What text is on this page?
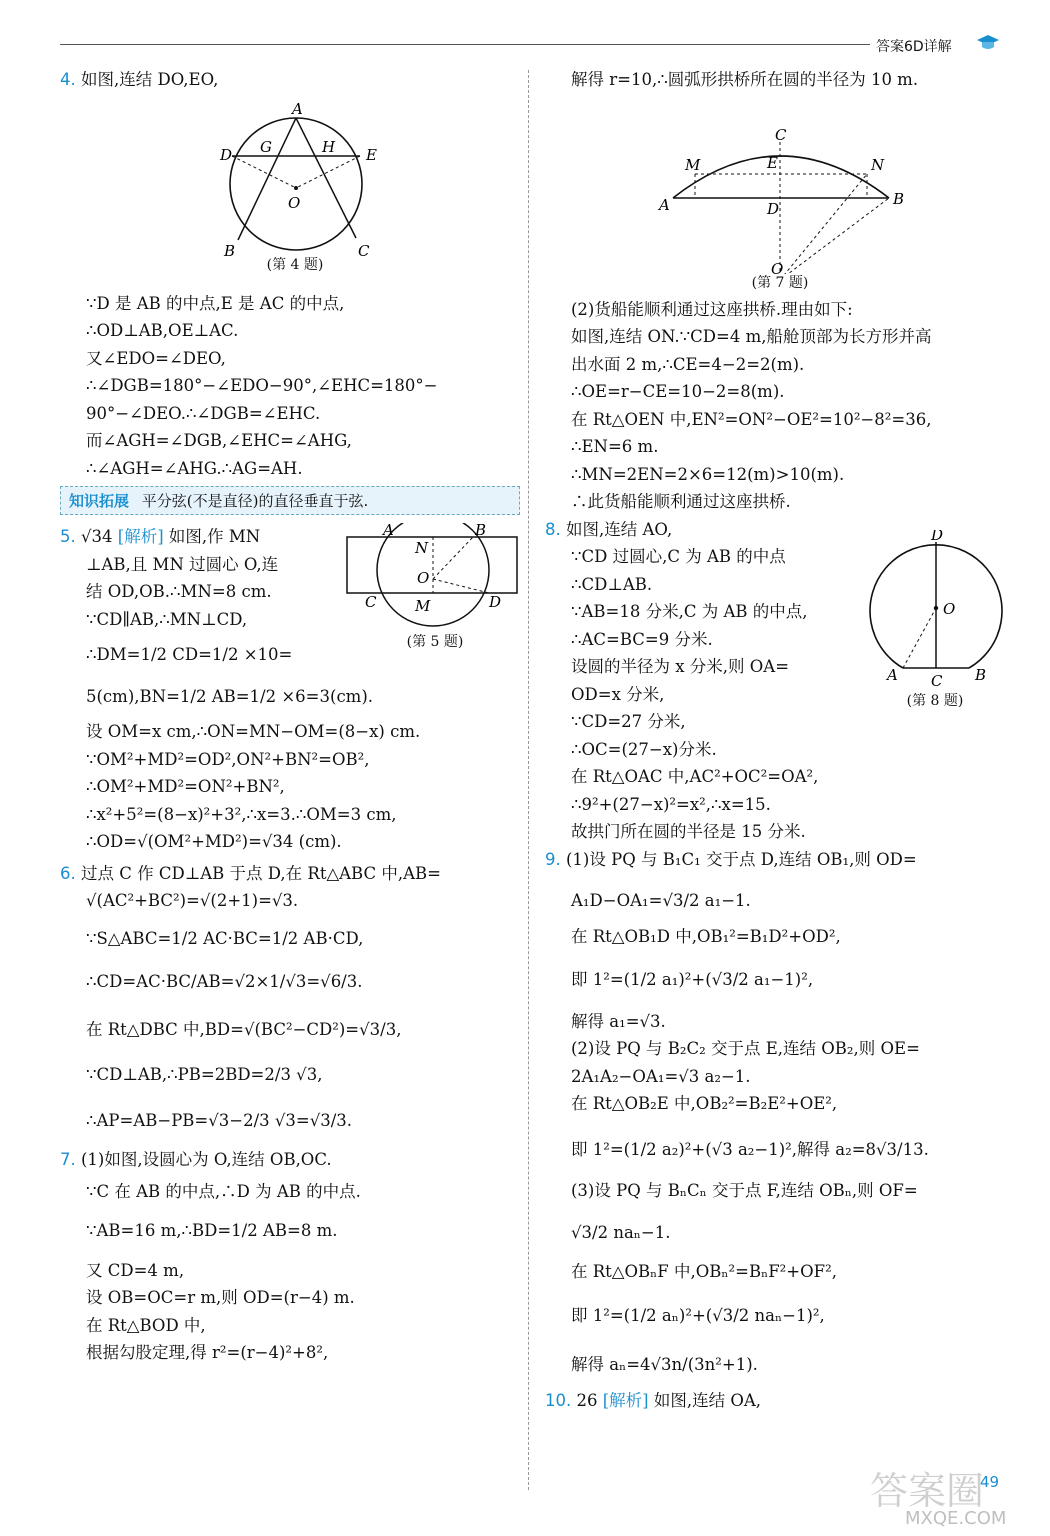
答案6D详解
4. 如图,连结 DO,EO,
A
D	E
G	H
O
B	C
(第 4 题)
∵D 是 AB 的中点,E 是 AC 的中点,
∴OD⊥AB,OE⊥AC.
又∠EDO=∠DEO,
∴∠DGB=180°−∠EDO−90°,∠EHC=180°−
90°−∠DEO.∴∠DGB=∠EHC.
而∠AGH=∠DGB,∠EHC=∠AHG,
∴∠AGH=∠AHG.∴AG=AH.
知识拓展 平分弦(不是直径)的直径垂直于弦.
5. √34 [解析] 如图,作 MN
⊥AB,且 MN 过圆心 O,连
结 OD,OB.∴MN=8 cm.
∵CD∥AB,∴MN⊥CD,
∴DM=1/2 CD=1/2 ×10=
5(cm),BN=1/2 AB=1/2 ×6=3(cm).
设 OM=x cm,∴ON=MN−OM=(8−x) cm.
∵OM²+MD²=OD²,ON²+BN²=OB²,
∴OM²+MD²=ON²+BN²,
∴x²+5²=(8−x)²+3²,∴x=3.∴OM=3 cm,
∴OD=√(OM²+MD²)=√34 (cm).
A	B
N
O
C	M	D
(第 5 题)
6. 过点 C 作 CD⊥AB 于点 D,在 Rt△ABC 中,AB=
√(AC²+BC²)=√(2+1)=√3.
∵S△ABC=1/2 AC·BC=1/2 AB·CD,
∴CD=AC·BC/AB=√2×1/√3=√6/3.
在 Rt△DBC 中,BD=√(BC²−CD²)=√3/3,
∵CD⊥AB,∴PB=2BD=2/3 √3,
∴AP=AB−PB=√3−2/3 √3=√3/3.
7. (1)如图,设圆心为 O,连结 OB,OC.
∵C 在 AB 的中点,∴D 为 AB 的中点.
∵AB=16 m,∴BD=1/2 AB=8 m.
又 CD=4 m,
设 OB=OC=r m,则 OD=(r−4) m.
在 Rt△BOD 中,
根据勾股定理,得 r²=(r−4)²+8²,
解得 r=10,∴圆弧形拱桥所在圆的半径为 10 m.
C
M	E	N
A	D
B
O
(第 7 题)
(2)货船能顺利通过这座拱桥.理由如下:
如图,连结 ON.∵CD=4 m,船舱顶部为长方形并高
出水面 2 m,∴CE=4−2=2(m).
∴OE=r−CE=10−2=8(m).
在 Rt△OEN 中,EN²=ON²−OE²=10²−8²=36,
∴EN=6 m.
∴MN=2EN=2×6=12(m)>10(m).
∴此货船能顺利通过这座拱桥.
8. 如图,连结 AO,
∵CD 过圆心,C 为 AB 的中点
∴CD⊥AB.
∵AB=18 分米,C 为 AB 的中点,
∴AC=BC=9 分米.
设圆的半径为 x 分米,则 OA=
OD=x 分米,
∵CD=27 分米,
∴OC=(27−x)分米.
在 Rt△OAC 中,AC²+OC²=OA²,
∴9²+(27−x)²=x²,∴x=15.
故拱门所在圆的半径是 15 分米.
D
O
A C B
(第 8 题)
9. (1)设 PQ 与 B₁C₁ 交于点 D,连结 OB₁,则 OD=
A₁D−OA₁=√3/2 a₁−1.
在 Rt△OB₁D 中,OB₁²=B₁D²+OD²,
即 1²=(1/2 a₁)²+(√3/2 a₁−1)²,
解得 a₁=√3.
(2)设 PQ 与 B₂C₂ 交于点 E,连结 OB₂,则 OE=
2A₁A₂−OA₁=√3 a₂−1.
在 Rt△OB₂E 中,OB₂²=B₂E²+OE²,
即 1²=(1/2 a₂)²+(√3 a₂−1)²,解得 a₂=8√3/13.
(3)设 PQ 与 BₙCₙ 交于点 F,连结 OBₙ,则 OF=
√3/2 naₙ−1.
在 Rt△OBₙF 中,OBₙ²=BₙF²+OF²,
即 1²=(1/2 aₙ)²+(√3/2 naₙ−1)²,
解得 aₙ=4√3n/(3n²+1).
10. 26 [解析] 如图,连结 OA,
答案圈
MXQE.COM
49
